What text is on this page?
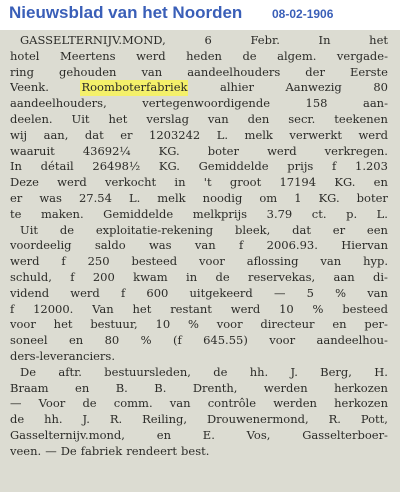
Nieuwsblad van het Noorden 08-02-1906
GASSELTERNIJV.MOND,	6	Febr.	In	het
hotel Meertens werd heden de algem. vergade-
ring gehouden van aandeelhouders der Eerste
Veenk.	Roomboterfabriek	alhier	Aanwezig	80
aandeelhouders,	vertegenwoordigende	158	aan-
deelen. Uit het verslag van den secr. teekenen
wij aan, dat er 1203242 L. melk verwerkt werd
waaruit 43692¼ KG. boter werd verkregen.
In détail 26498½ KG. Gemiddelde prijs f 1.203
Deze werd verkocht in 't groot 17194 KG. en
er was 27.54 L. melk noodig om 1 KG. boter
te maken. Gemiddelde melkprijs 3.79 ct. p. L.
Uit de exploitatie-rekening bleek, dat er een
voordeelig saldo was van f 2006.93. Hiervan
werd f 250 besteed voor aflossing van hyp.
schuld, f 200 kwam in de reservekas, aan di-
vidend werd f 600 uitgekeerd — 5 % van
f 12000. Van het restant werd 10 % besteed
voor het bestuur, 10 % voor directeur en per-
soneel en 80 % (f 645.55) voor aandeelhou-
ders-leveranciers.
De aftr. bestuursleden, de hh. J. Berg, H.
Braam en B. B. Drenth, werden herkozen
— Voor de comm. van contrôle werden herkozen
de hh. J. R. Reiling, Drouwenermond, R. Pott,
Gasselternijv.mond,	en	E.	Vos,	Gasselterboer-
veen. — De fabriek rendeert best.
